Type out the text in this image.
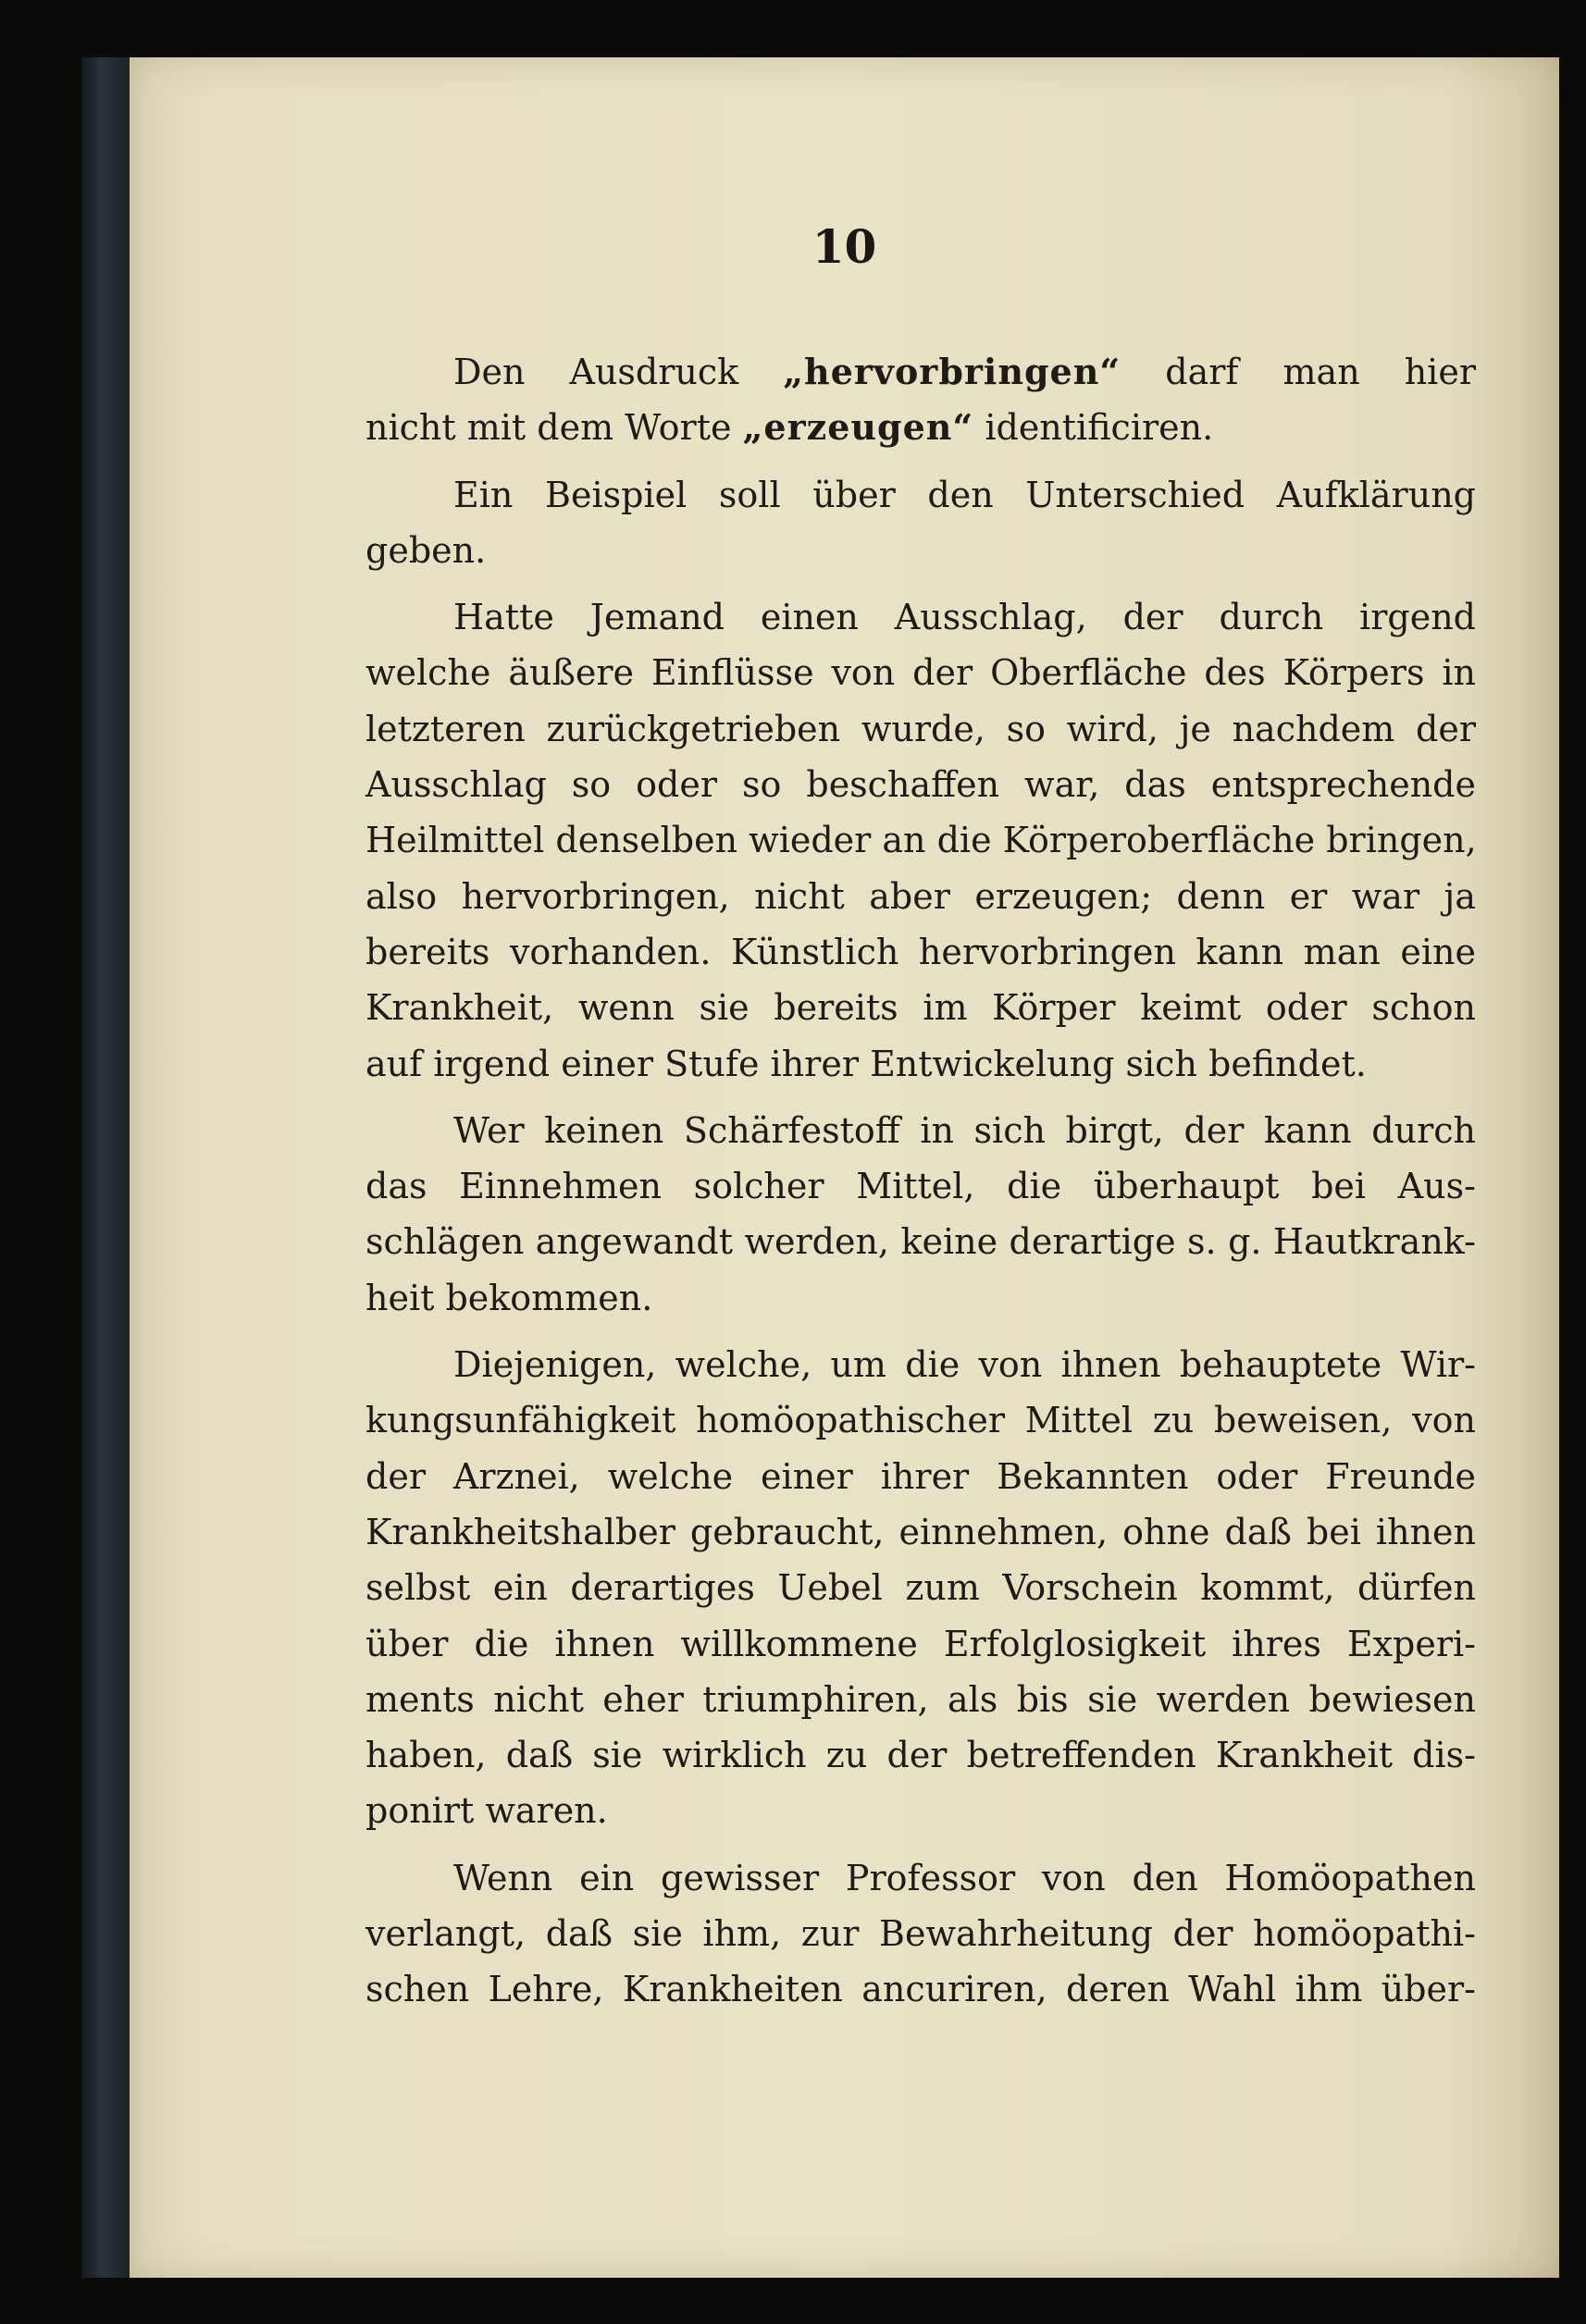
10
Den Ausdruck „hervorbringen“ darf man hier
nicht mit dem Worte „erzeugen“ identificiren.
Ein Beispiel soll über den Unterschied Aufklärung
geben.
Hatte Jemand einen Ausschlag, der durch irgend
welche äußere Einflüsse von der Oberfläche des Körpers in
letzteren zurückgetrieben wurde, so wird, je nachdem der
Ausschlag so oder so beschaffen war, das entsprechende
Heilmittel denselben wieder an die Körperoberfläche bringen,
also hervorbringen, nicht aber erzeugen; denn er war ja
bereits vorhanden. Künstlich hervorbringen kann man eine
Krankheit, wenn sie bereits im Körper keimt oder schon
auf irgend einer Stufe ihrer Entwickelung sich befindet.
Wer keinen Schärfestoff in sich birgt, der kann durch
das Einnehmen solcher Mittel, die überhaupt bei Aus-
schlägen angewandt werden, keine derartige s. g. Hautkrank-
heit bekommen.
Diejenigen, welche, um die von ihnen behauptete Wir-
kungsunfähigkeit homöopathischer Mittel zu beweisen, von
der Arznei, welche einer ihrer Bekannten oder Freunde
Krankheitshalber gebraucht, einnehmen, ohne daß bei ihnen
selbst ein derartiges Uebel zum Vorschein kommt, dürfen
über die ihnen willkommene Erfolglosigkeit ihres Experi-
ments nicht eher triumphiren, als bis sie werden bewiesen
haben, daß sie wirklich zu der betreffenden Krankheit dis-
ponirt waren.
Wenn ein gewisser Professor von den Homöopathen
verlangt, daß sie ihm, zur Bewahrheitung der homöopathi-
schen Lehre, Krankheiten ancuriren, deren Wahl ihm über-
